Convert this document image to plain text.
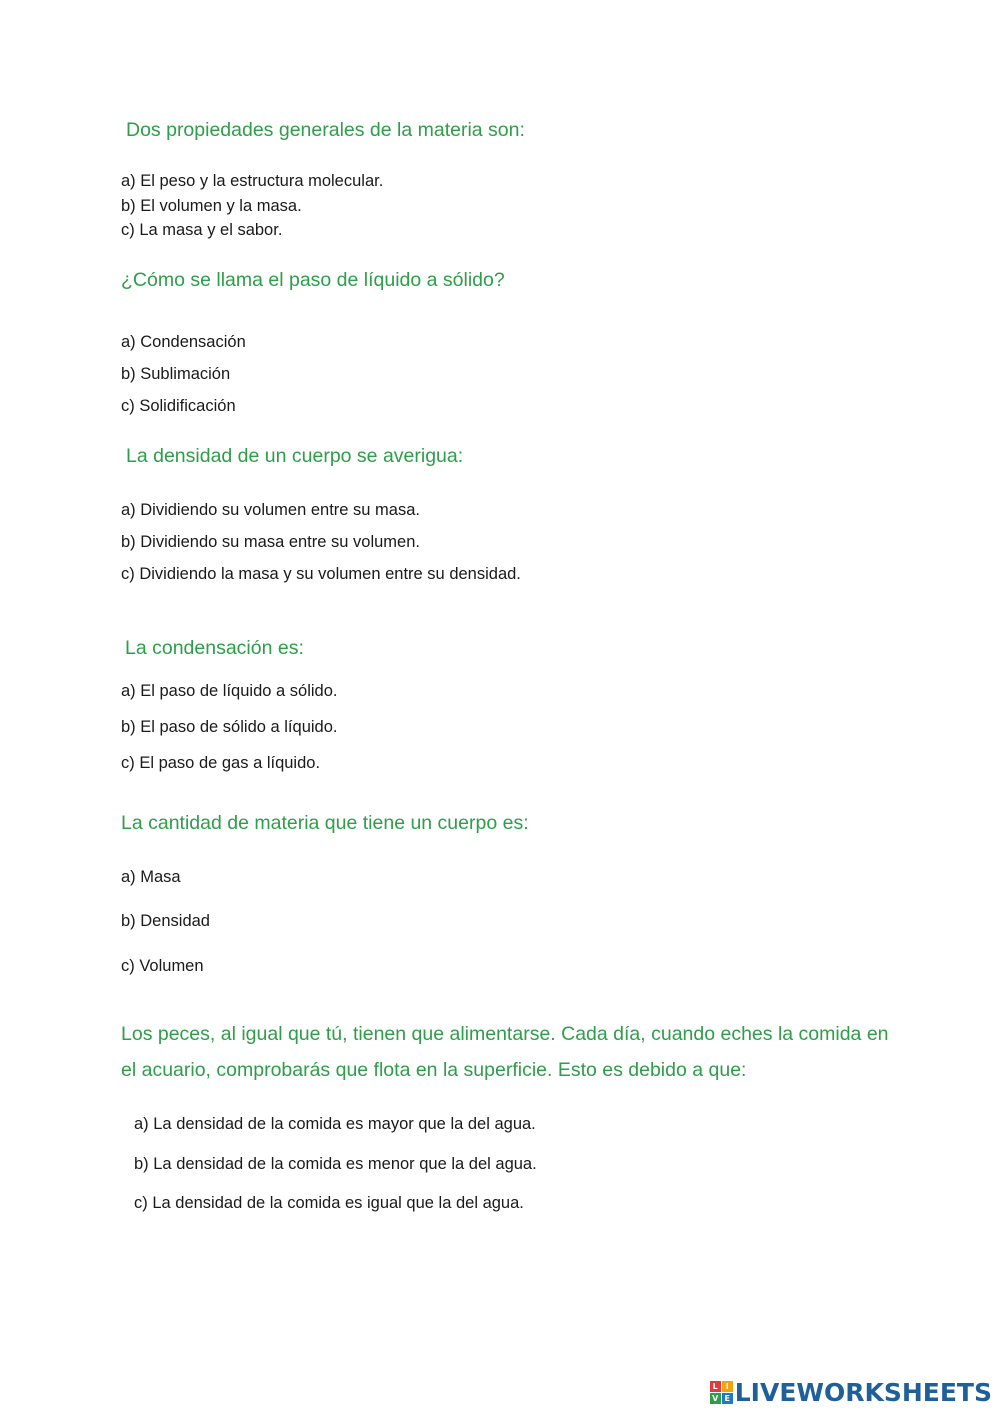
Dos propiedades generales de la materia son:
a) El peso y la estructura molecular.
b) El volumen y la masa.
c) La masa y el sabor.
¿Cómo se llama el paso de líquido a sólido?
a) Condensación
b) Sublimación
c) Solidificación
La densidad de un cuerpo se averigua:
a) Dividiendo su volumen entre su masa.
b) Dividiendo su masa entre su volumen.
c) Dividiendo la masa y su volumen entre su densidad.
La condensación es:
a) El paso de líquido a sólido.
b) El paso de sólido a líquido.
c) El paso de gas a líquido.
La cantidad de materia que tiene un cuerpo es:
a) Masa
b) Densidad
c) Volumen
Los peces, al igual que tú, tienen que alimentarse. Cada día, cuando eches la comida en el acuario, comprobarás que flota en la superficie. Esto es debido a que:
a) La densidad de la comida es mayor que la del agua.
b) La densidad de la comida es menor que la del agua.
c) La densidad de la comida es igual que la del agua.
L I
V E LIVEWORKSHEETS
